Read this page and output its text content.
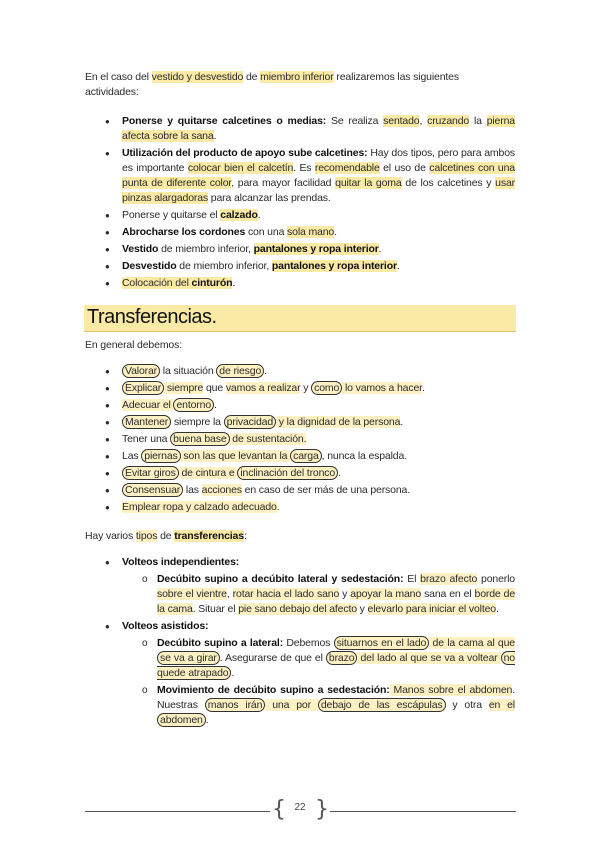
En el caso del vestido y desvestido de miembro inferior realizaremos las siguientes actividades:

● Ponerse y quitarse calcetines o medias: Se realiza sentado, cruzando la pierna afecta sobre la sana.
● Utilización del producto de apoyo sube calcetines: Hay dos tipos, pero para ambos es importante colocar bien el calcetín. Es recomendable el uso de calcetines con una punta de diferente color, para mayor facilidad quitar la goma de los calcetines y usar pinzas alargadoras para alcanzar las prendas.
● Ponerse y quitarse el calzado.
● Abrocharse los cordones con una sola mano.
● Vestido de miembro inferior, pantalones y ropa interior.
● Desvestido de miembro inferior, pantalones y ropa interior.
● Colocación del cinturón.
Transferencias.

En general debemos:

● Valorar la situación de riesgo .
● Explicar siempre que vamos a realizar y como lo vamos a hacer.
● Adecuar el entorno .
● Mantener siempre la privacidad y la dignidad de la persona.
● Tener una buena base de sustentación.
● Las piernas son las que levantan la carga , nunca la espalda.
● Evitar giros de cintura e inclinación del tronco .
● Consensuar las acciones en caso de ser más de una persona.
● Emplear ropa y calzado adecuado.

Hay varios tipos de transferencias:

● Volteos independientes:
o Decúbito supino a decúbito lateral y sedestación: El brazo afecto ponerlo sobre el vientre, rotar hacia el lado sano y apoyar la mano sana en el borde de la cama. Situar el pie sano debajo del afecto y elevarlo para iniciar el volteo.
● Volteos asistidos:
o Decúbito supino a lateral: Debemos situarnos en el lado de la cama al que se va a girar . Asegurarse de que el brazo del lado al que se va a voltear no quede atrapado .
o Movimiento de decúbito supino a sedestación: Manos sobre el abdomen. Nuestras manos irán una por debajo de las escápulas y otra en el abdomen .
{ 22 }
